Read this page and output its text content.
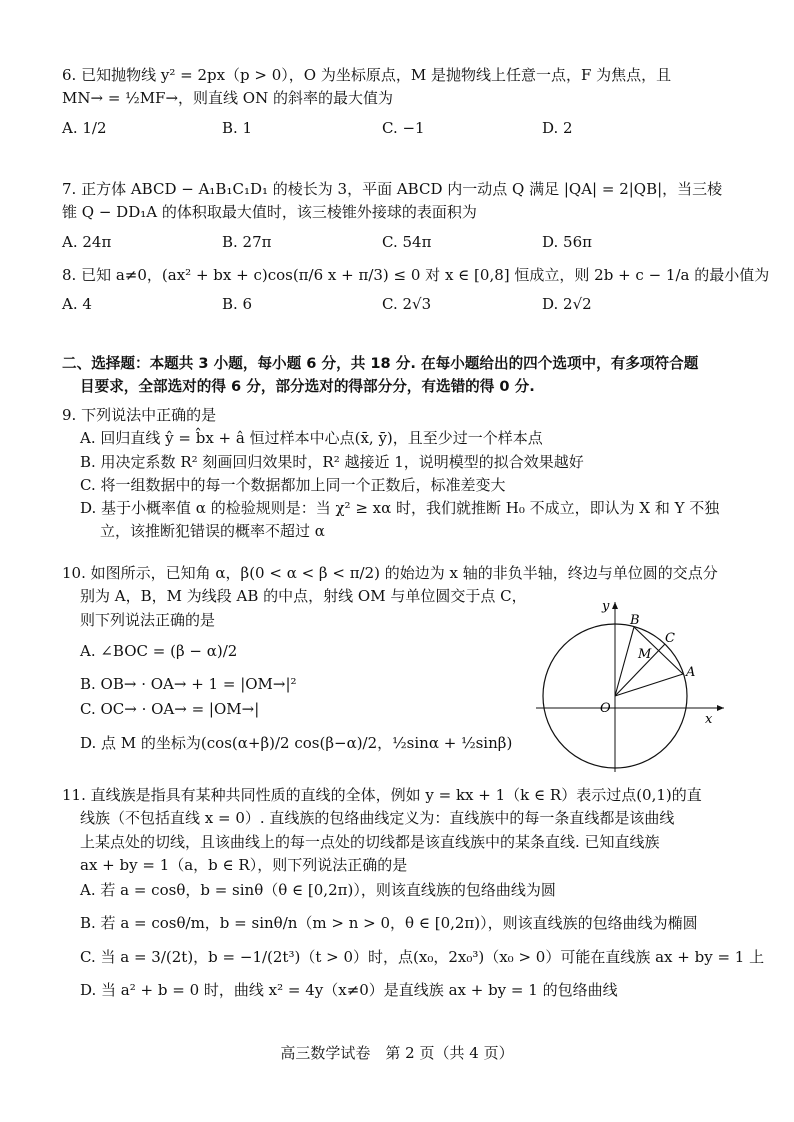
6. 已知抛物线 y² = 2px（p > 0），O 为坐标原点，M 是抛物线上任意一点，F 为焦点，且
MN→ = ½MF→，则直线 ON 的斜率的最大值为
A. 1/2	B. 1	C. −1	D. 2
7. 正方体 ABCD − A₁B₁C₁D₁ 的棱长为 3，平面 ABCD 内一动点 Q 满足 |QA| = 2|QB|，当三棱
锥 Q − DD₁A 的体积取最大值时，该三棱锥外接球的表面积为
A. 24π	B. 27π	C. 54π	D. 56π
8. 已知 a≠0，(ax² + bx + c)cos(π/6 x + π/3) ≤ 0 对 x ∈ [0,8] 恒成立，则 2b + c − 1/a 的最小值为
A. 4	B. 6	C. 2√3	D. 2√2
二、选择题：本题共 3 小题，每小题 6 分，共 18 分. 在每小题给出的四个选项中，有多项符合题
目要求，全部选对的得 6 分，部分选对的得部分分，有选错的得 0 分.
9. 下列说法中正确的是
A. 回归直线 ŷ = b̂x + â 恒过样本中心点(x̄, ȳ)，且至少过一个样本点
B. 用决定系数 R² 刻画回归效果时，R² 越接近 1，说明模型的拟合效果越好
C. 将一组数据中的每一个数据都加上同一个正数后，标准差变大
D. 基于小概率值 α 的检验规则是：当 χ² ≥ xα 时，我们就推断 H₀ 不成立，即认为 X 和 Y 不独
立，该推断犯错误的概率不超过 α
10. 如图所示，已知角 α，β(0 < α < β < π/2) 的始边为 x 轴的非负半轴，终边与单位圆的交点分
别为 A，B，M 为线段 AB 的中点，射线 OM 与单位圆交于点 C，
则下列说法正确的是
A. ∠BOC = (β − α)/2
B. OB→ · OA→ + 1 = |OM→|²
C. OC→ · OA→ = |OM→|
D. 点 M 的坐标为(cos(α+β)/2 cos(β−α)/2，½sinα + ½sinβ)
O
A
B
C
M
x
y
11. 直线族是指具有某种共同性质的直线的全体，例如 y = kx + 1（k ∈ R）表示过点(0,1)的直
线族（不包括直线 x = 0）. 直线族的包络曲线定义为：直线族中的每一条直线都是该曲线
上某点处的切线，且该曲线上的每一点处的切线都是该直线族中的某条直线. 已知直线族
ax + by = 1（a，b ∈ R），则下列说法正确的是
A. 若 a = cosθ，b = sinθ（θ ∈ [0,2π)），则该直线族的包络曲线为圆
B. 若 a = cosθ/m，b = sinθ/n（m > n > 0，θ ∈ [0,2π)），则该直线族的包络曲线为椭圆
C. 当 a = 3/(2t)，b = −1/(2t³)（t > 0）时，点(x₀，2x₀³)（x₀ > 0）可能在直线族 ax + by = 1 上
D. 当 a² + b = 0 时，曲线 x² = 4y（x≠0）是直线族 ax + by = 1 的包络曲线
高三数学试卷　第 2 页（共 4 页）
